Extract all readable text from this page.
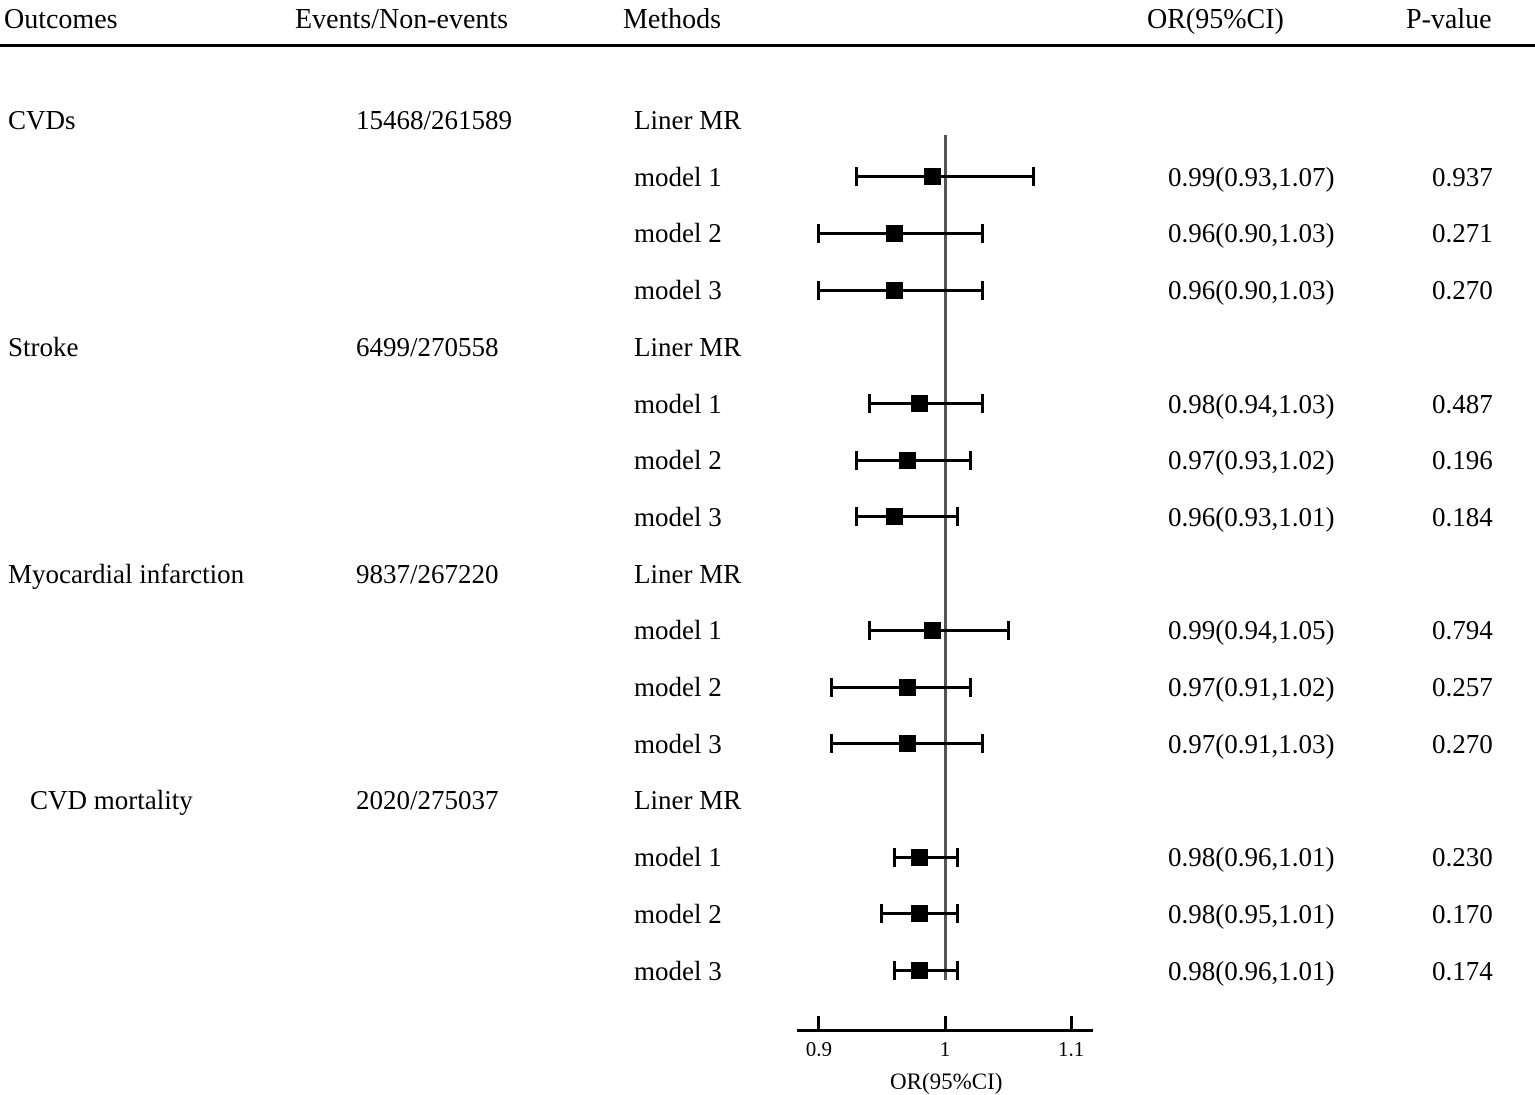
Outcomes	Events/Non-events	Methods	OR(95%CI)	P-value
CVDs	15468/261589	Liner MR
model 1	0.99(0.93,1.07)	0.937
model 2	0.96(0.90,1.03)	0.271
model 3	0.96(0.90,1.03)	0.270
Stroke	6499/270558	Liner MR
model 1	0.98(0.94,1.03)	0.487
model 2	0.97(0.93,1.02)	0.196
model 3	0.96(0.93,1.01)	0.184
Myocardial infarction	9837/267220	Liner MR
model 1	0.99(0.94,1.05)	0.794
model 2	0.97(0.91,1.02)	0.257
model 3	0.97(0.91,1.03)	0.270
CVD mortality	2020/275037	Liner MR
model 1	0.98(0.96,1.01)	0.230
model 2	0.98(0.95,1.01)	0.170
model 3	0.98(0.96,1.01)	0.174
0.9	1	1.1
OR(95%CI)
